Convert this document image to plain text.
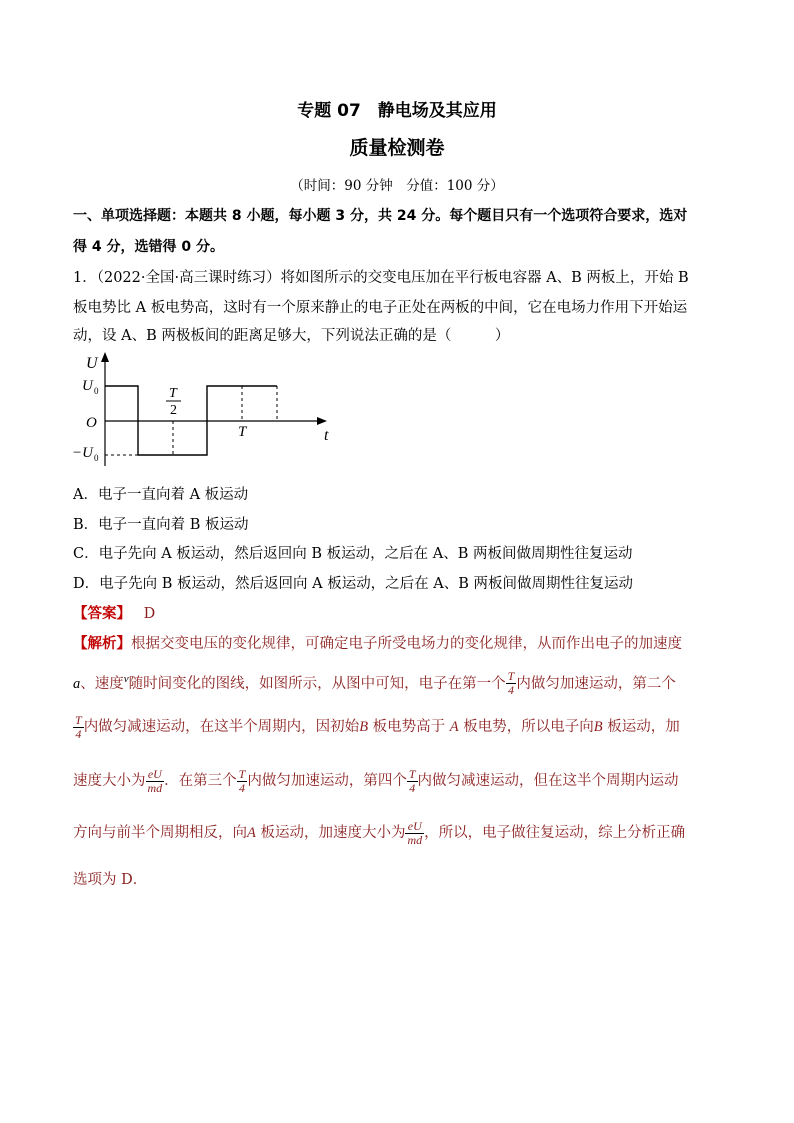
专题 07　静电场及其应用
质量检测卷
（时间：90 分钟　分值：100 分）
一、单项选择题：本题共 8 小题，每小题 3 分，共 24 分。每个题目只有一个选项符合要求，选对
得 4 分，选错得 0 分。
1．（2022·全国·高三课时练习）将如图所示的交变电压加在平行板电容器 A、B 两板上，开始 B
板电势比 A 板电势高，这时有一个原来静止的电子正处在两板的中间，它在电场力作用下开始运
动，设 A、B 两极板间的距离足够大，下列说法正确的是（　　　）
U
t
O
U 0
−U 0
T
2
T
A．电子一直向着 A 板运动
B．电子一直向着 B 板运动
C．电子先向 A 板运动，然后返回向 B 板运动，之后在 A、B 两板间做周期性往复运动
D．电子先向 B 板运动，然后返回向 A 板运动，之后在 A、B 两板间做周期性往复运动
【答案】 D
【解析】根据交变电压的变化规律，可确定电子所受电场力的变化规律，从而作出电子的加速度
a、速度$^v$随时间变化的图线，如图所示，从图中可知，电子在第一个 $\frac{T}{4}$ 内做匀加速运动，第二个
$\frac{T}{4}$ 内做匀减速运动，在这半个周期内，因初始B 板电势高于 A 板电势，所以电子向B 板运动，加
速度大小为 $\frac{eU}{md}$ ．在第三个 $\frac{T}{4}$ 内做匀加速运动，第四个 $\frac{T}{4}$ 内做匀减速运动，但在这半个周期内运动
方向与前半个周期相反，向A 板运动，加速度大小为 $\frac{eU}{md}$ ，所以，电子做往复运动，综上分析正确
选项为 D．
